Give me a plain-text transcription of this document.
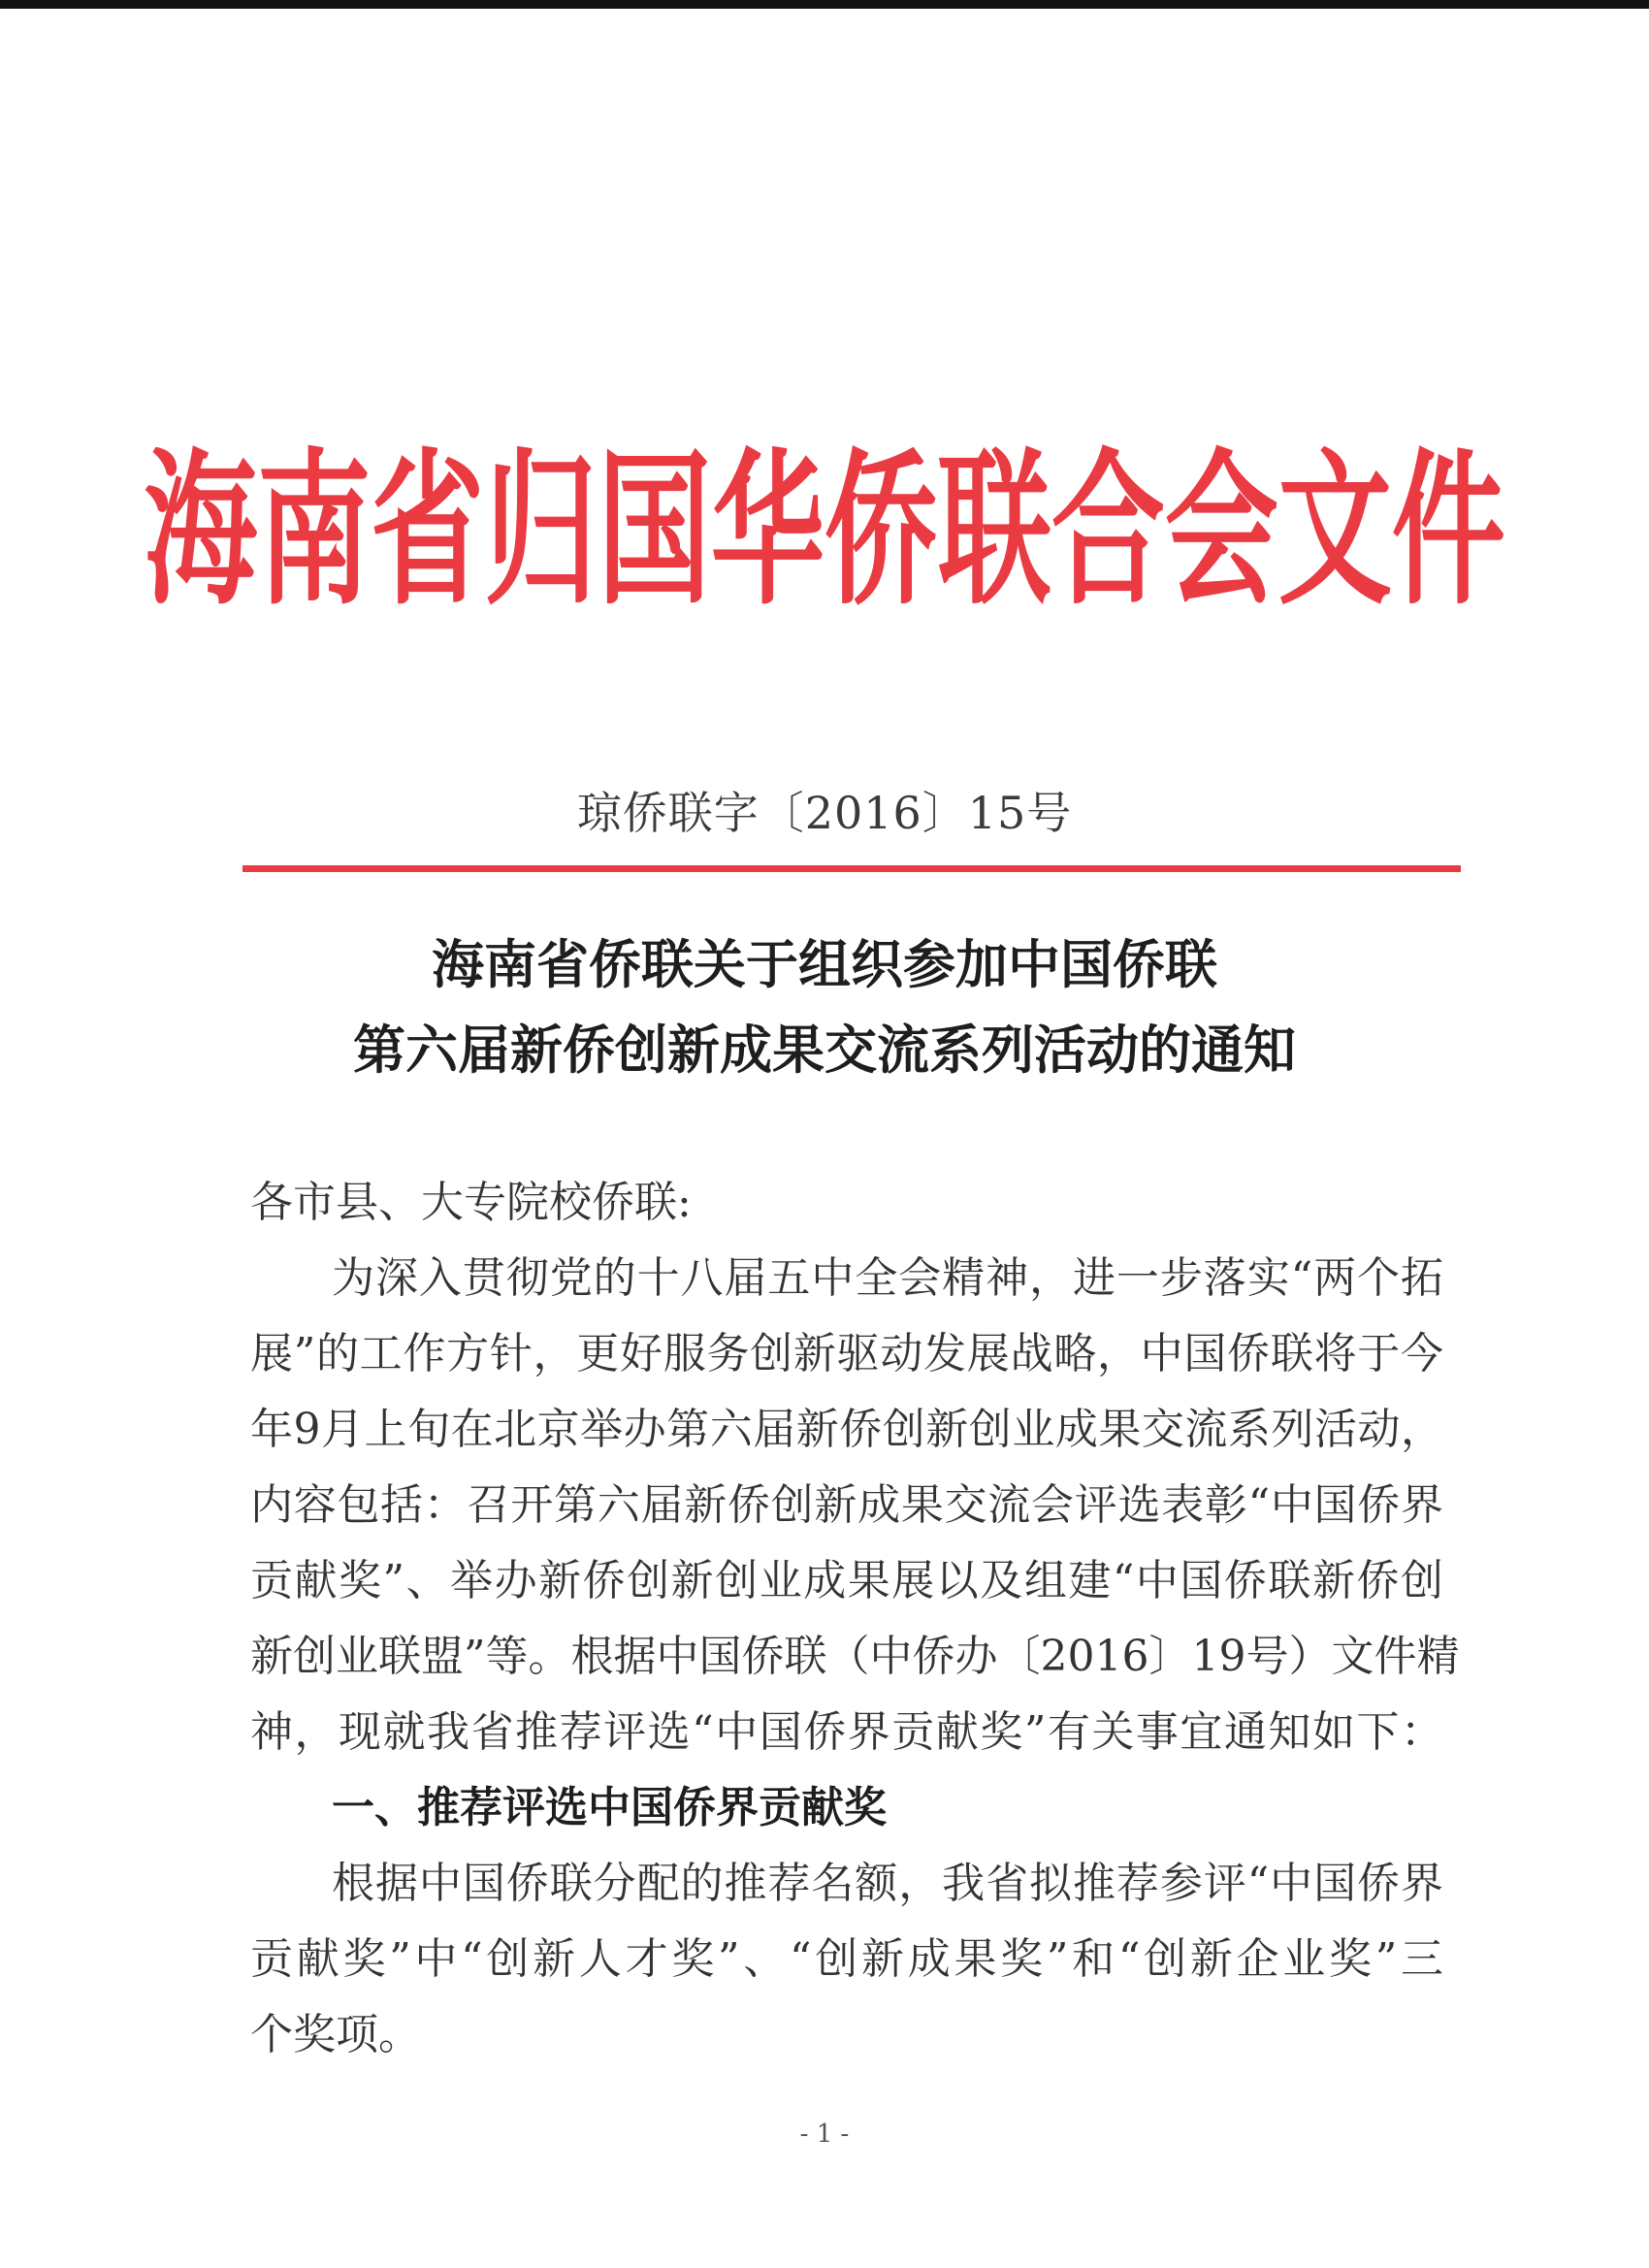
海南省归国华侨联合会文件
琼侨联字〔2016〕15号
海南省侨联关于组织参加中国侨联
第六届新侨创新成果交流系列活动的通知
各市县、大专院校侨联:
为深入贯彻党的十八届五中全会精神，进一步落实“两个拓
展”的工作方针，更好服务创新驱动发展战略，中国侨联将于今
年9月上旬在北京举办第六届新侨创新创业成果交流系列活动，
内容包括：召开第六届新侨创新成果交流会评选表彰“中国侨界
贡献奖”、举办新侨创新创业成果展以及组建“中国侨联新侨创
新创业联盟”等。根据中国侨联（中侨办〔2016〕19号）文件精
神，现就我省推荐评选“中国侨界贡献奖”有关事宜通知如下：
一、推荐评选中国侨界贡献奖
根据中国侨联分配的推荐名额，我省拟推荐参评“中国侨界
贡献奖”中“创新人才奖”、“创新成果奖”和“创新企业奖”三
个奖项。
- 1 -
